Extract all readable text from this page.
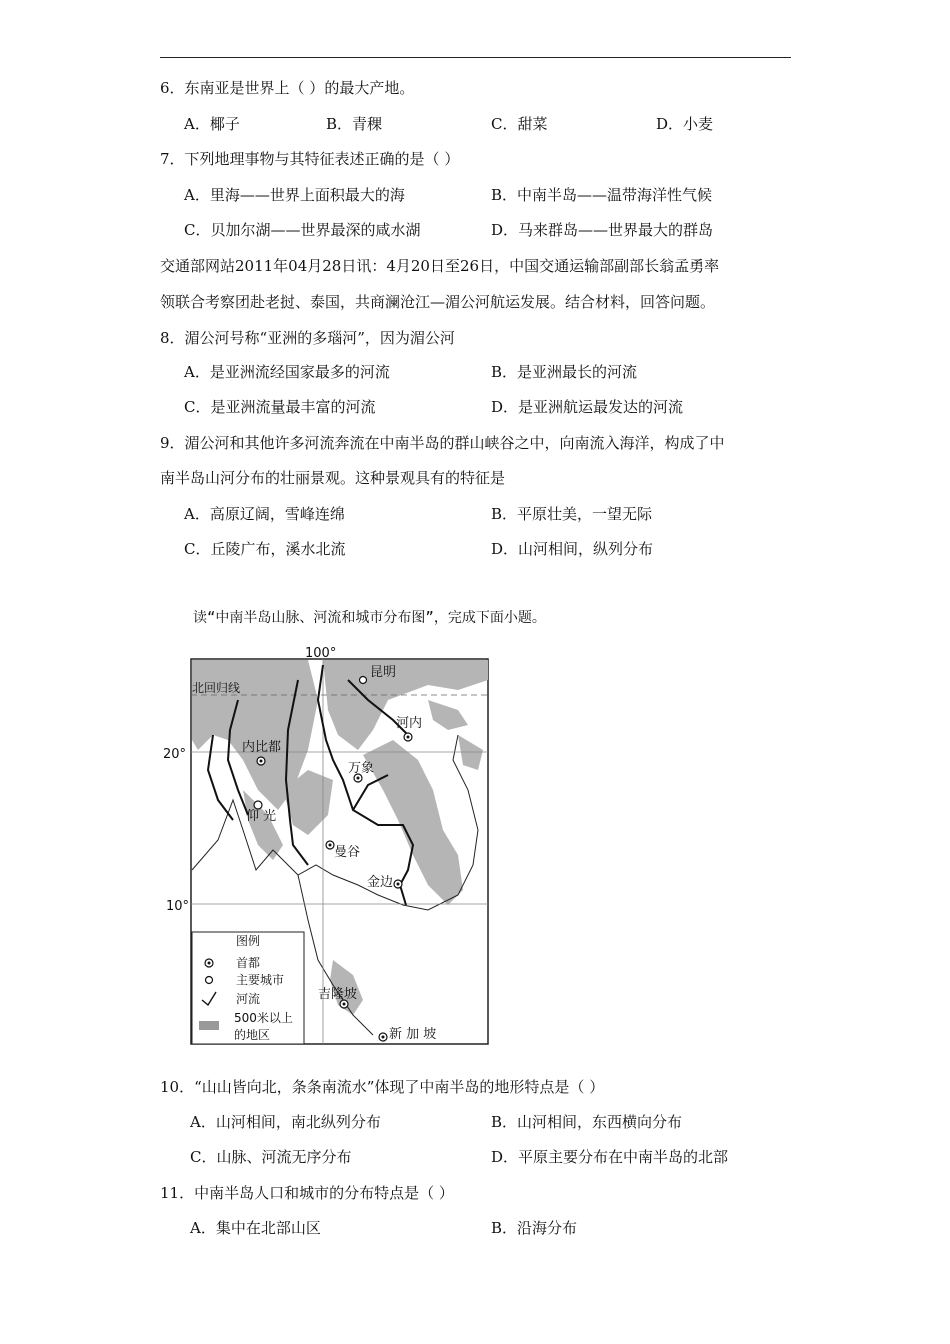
6．东南亚是世界上（ ）的最大产地。
A．椰子	B．青稞	C．甜菜	D．小麦
7．下列地理事物与其特征表述正确的是（ ）
A．里海——世界上面积最大的海	B．中南半岛——温带海洋性气候
C．贝加尔湖——世界最深的咸水湖	D．马来群岛——世界最大的群岛
交通部网站2011年04月28日讯：4月20日至26日，中国交通运输部副部长翁孟勇率
领联合考察团赴老挝、泰国，共商澜沧江—湄公河航运发展。结合材料，回答问题。
8．湄公河号称“亚洲的多瑙河”，因为湄公河
A．是亚洲流经国家最多的河流	B．是亚洲最长的河流
C．是亚洲流量最丰富的河流	D．是亚洲航运最发达的河流
9．湄公河和其他许多河流奔流在中南半岛的群山峡谷之中，向南流入海洋，构成了中
南半岛山河分布的壮丽景观。这种景观具有的特征是
A．高原辽阔，雪峰连绵	B．平原壮美，一望无际
C．丘陵广布，溪水北流	D．山河相间，纵列分布
读“中南半岛山脉、河流和城市分布图”，完成下面小题。
100°
20°
10°
北回归线
昆明
河内
内比都
万象
仰 光
曼谷
金边
吉隆坡
新 加 坡
图例
首都
主要城市
河流
500米以上
的地区
10．“山山皆向北，条条南流水”体现了中南半岛的地形特点是（ ）
A．山河相间，南北纵列分布	B．山河相间，东西横向分布
C．山脉、河流无序分布	D．平原主要分布在中南半岛的北部
11．中南半岛人口和城市的分布特点是（ ）
A．集中在北部山区	B．沿海分布
